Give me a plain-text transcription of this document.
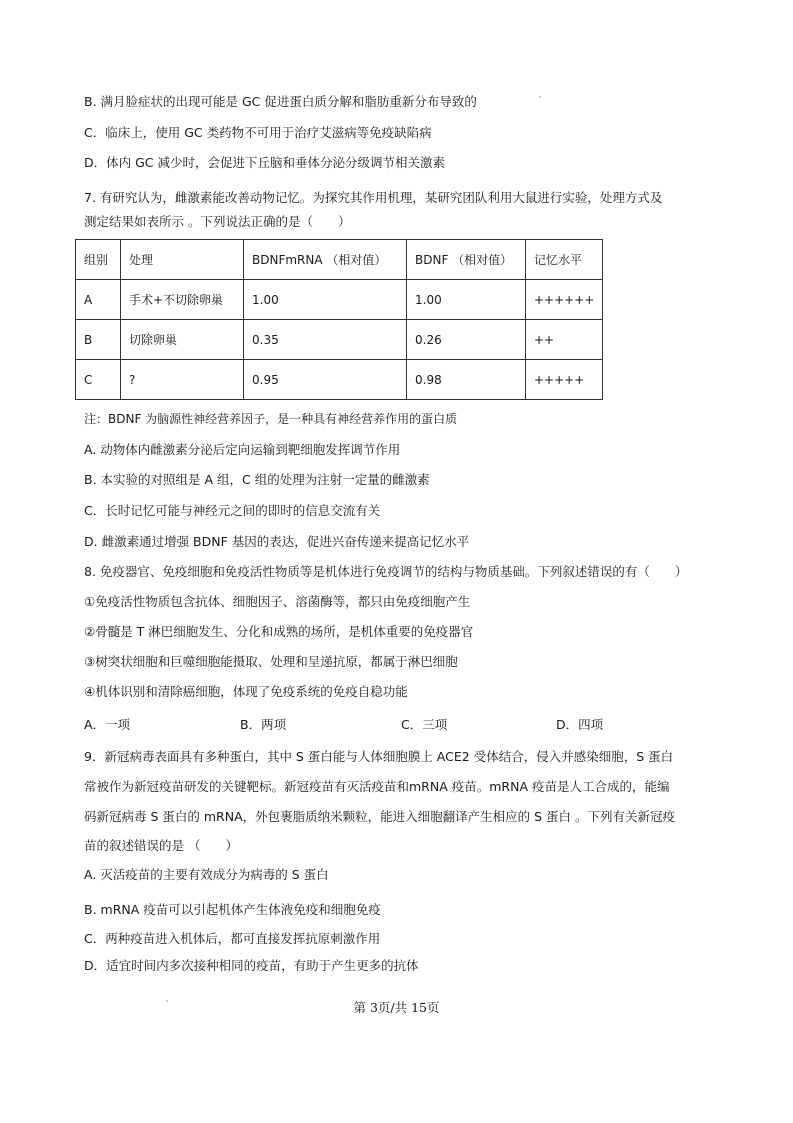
B. 满月脸症状的出现可能是 GC 促进蛋白质分解和脂肪重新分布导致的
C．临床上，使用 GC 类药物不可用于治疗艾滋病等免疫缺陷病
D．体内 GC 减少时，会促进下丘脑和垂体分泌分级调节相关激素
7. 有研究认为，雌激素能改善动物记忆。为探究其作用机理，某研究团队利用大鼠进行实验，处理方式及
测定结果如表所示 。下列说法正确的是（　　）
组别	处理	BDNFmRNA （相对值）	BDNF （相对值）	记忆水平
A	手术+不切除卵巢	1.00	1.00	++++++
B	切除卵巢	0.35	0.26	++
C	?	0.95	0.98	+++++
注：BDNF 为脑源性神经营养因子，是一种具有神经营养作用的蛋白质
A. 动物体内雌激素分泌后定向运输到靶细胞发挥调节作用
B. 本实验的对照组是 A 组，C 组的处理为注射一定量的雌激素
C．长时记忆可能与神经元之间的即时的信息交流有关
D. 雌激素通过增强 BDNF 基因的表达，促进兴奋传递来提高记忆水平
8. 免疫器官、免疫细胞和免疫活性物质等是机体进行免疫调节的结构与物质基础。下列叙述错误的有（　　）
①免疫活性物质包含抗体、细胞因子、溶菌酶等，都只由免疫细胞产生
②骨髓是 T 淋巴细胞发生、分化和成熟的场所，是机体重要的免疫器官
③树突状细胞和巨噬细胞能摄取、处理和呈递抗原，都属于淋巴细胞
④机体识别和清除癌细胞，体现了免疫系统的免疫自稳功能
A．一项	B．两项	C．三项	D．四项
9．新冠病毒表面具有多种蛋白，其中 S 蛋白能与人体细胞膜上 ACE2 受体结合，侵入并感染细胞，S 蛋白
常被作为新冠疫苗研发的关键靶标。新冠疫苗有灭活疫苗和mRNA 疫苗。mRNA 疫苗是人工合成的，能编
码新冠病毒 S 蛋白的 mRNA，外包裹脂质纳米颗粒，能进入细胞翻译产生相应的 S 蛋白 。下列有关新冠疫
苗的叙述错误的是 （　　）
A. 灭活疫苗的主要有效成分为病毒的 S 蛋白
B. mRNA 疫苗可以引起机体产生体液免疫和细胞免疫
C．两种疫苗进入机体后，都可直接发挥抗原刺激作用
D．适宜时间内多次接种相同的疫苗，有助于产生更多的抗体
第 3页/共 15页
